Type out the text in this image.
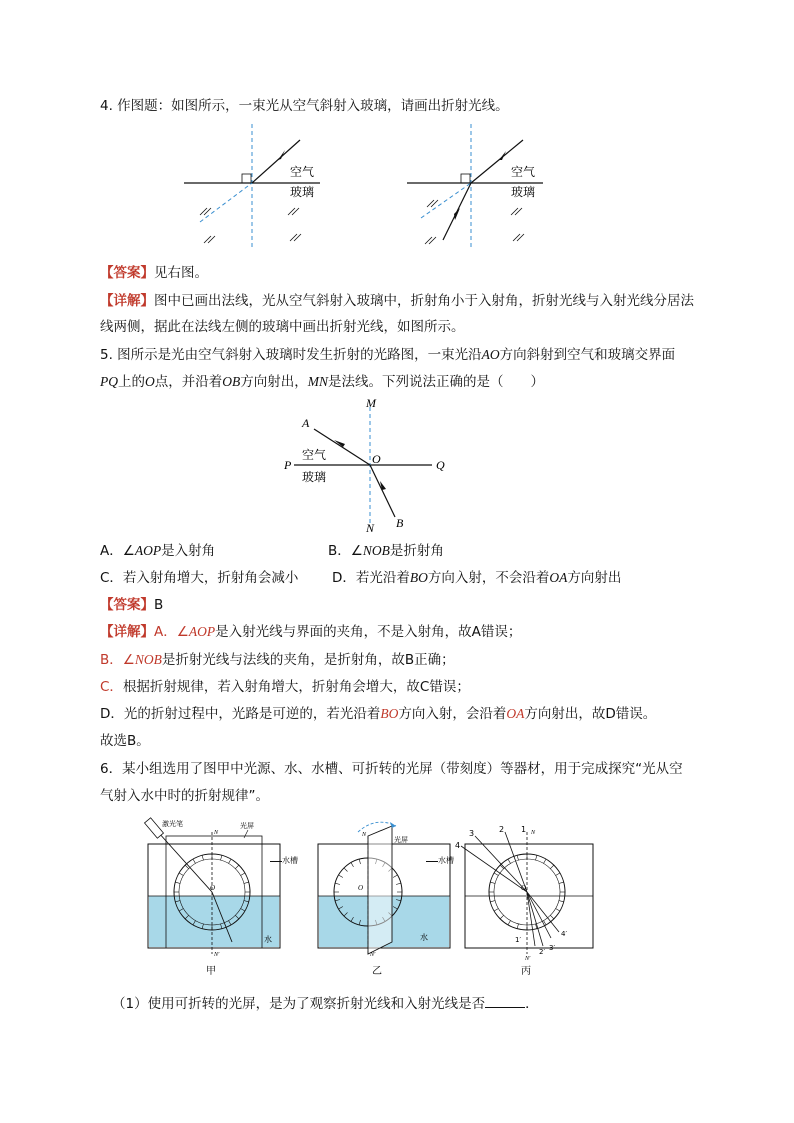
4. 作图题：如图所示，一束光从空气斜射入玻璃，请画出折射光线。
空气
玻璃
空气
玻璃
【答案】见右图。
【详解】图中已画出法线，光从空气斜射入玻璃中，折射角小于入射角，折射光线与入射光线分居法
线两侧，据此在法线左侧的玻璃中画出折射光线，如图所示。
5. 图所示是光由空气斜射入玻璃时发生折射的光路图，一束光沿AO方向斜射到空气和玻璃交界面
PQ上的O点，并沿着OB方向射出，MN是法线。下列说法正确的是（　　）
A
M
P	O	Q
N B
空气
玻璃
A．∠AOP是入射角	B．∠NOB是折射角
C．若入射角增大，折射角会减小 D．若光沿着BO方向入射，不会沿着OA方向射出
【答案】B
【详解】A．∠AOP是入射光线与界面的夹角，不是入射角，故A错误；
B．∠NOB是折射光线与法线的夹角，是折射角，故B正确；
C．根据折射规律，若入射角增大，折射角会增大，故C错误；
D．光的折射过程中，光路是可逆的，若光沿着BO方向入射，会沿着OA方向射出，故D错误。
故选B。
6．某小组选用了图甲中光源、水、水槽、可折转的光屏（带刻度）等器材，用于完成探究“光从空
气射入水中时的折射规律”。
激光笔	光屏
N
O
N′
水
甲
光屏
N
O
N′
水
乙
水槽	水槽
4
3	2 1 N
O
1′
2′ 3′
4′
N′
丙
（1）使用可折转的光屏，是为了观察折射光线和入射光线是否	．
